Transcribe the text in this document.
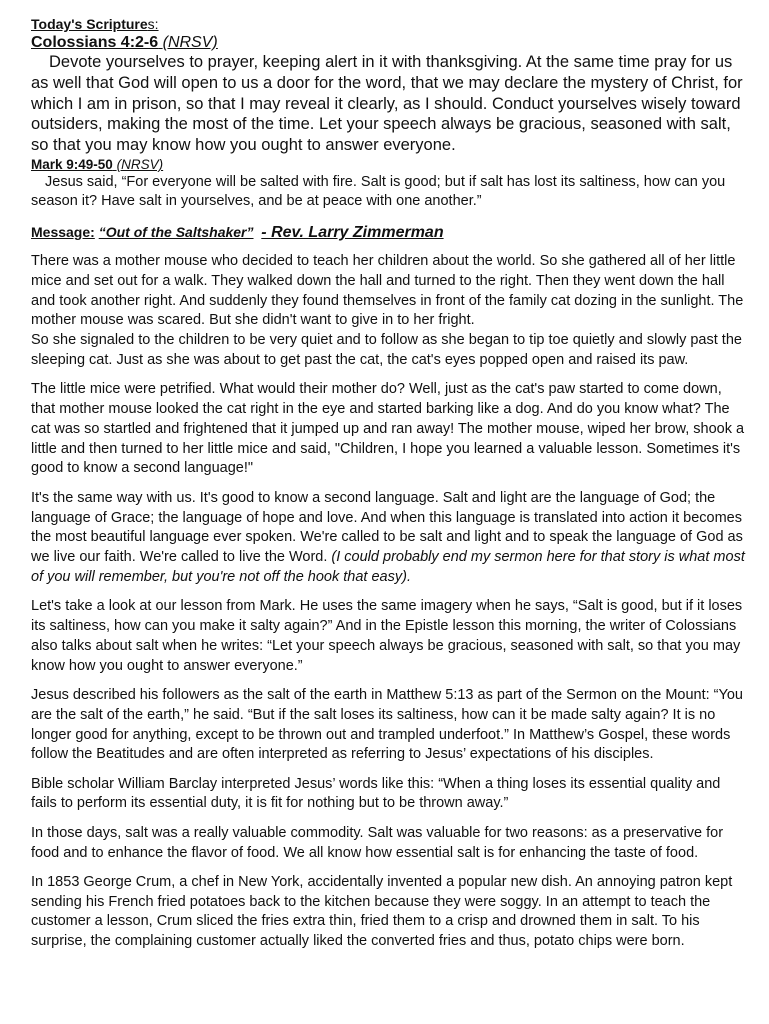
Today's Scriptures:
Colossians 4:2-6 (NRSV)

Devote yourselves to prayer, keeping alert in it with thanksgiving. At the same time pray for us as well that God will open to us a door for the word, that we may declare the mystery of Christ, for which I am in prison, so that I may reveal it clearly, as I should. Conduct yourselves wisely toward outsiders, making the most of the time. Let your speech always be gracious, seasoned with salt, so that you may know how you ought to answer everyone.

Mark 9:49-50 (NRSV)

Jesus said, “For everyone will be salted with fire. Salt is good; but if salt has lost its saltiness, how can you season it? Have salt in yourselves, and be at peace with one another.”

Message: “Out of the Saltshaker” - Rev. Larry Zimmerman

There was a mother mouse who decided to teach her children about the world. So she gathered all of her little mice and set out for a walk. They walked down the hall and turned to the right. Then they went down the hall and took another right. And suddenly they found themselves in front of the family cat dozing in the sunlight. The mother mouse was scared. But she didn't want to give in to her fright.
So she signaled to the children to be very quiet and to follow as she began to tip toe quietly and slowly past the sleeping cat. Just as she was about to get past the cat, the cat's eyes popped open and raised its paw.

The little mice were petrified. What would their mother do? Well, just as the cat's paw started to come down, that mother mouse looked the cat right in the eye and started barking like a dog. And do you know what? The cat was so startled and frightened that it jumped up and ran away! The mother mouse, wiped her brow, shook a little and then turned to her little mice and said, "Children, I hope you learned a valuable lesson. Sometimes it's good to know a second language!"

It's the same way with us. It's good to know a second language. Salt and light are the language of God; the language of Grace; the language of hope and love. And when this language is translated into action it becomes the most beautiful language ever spoken. We're called to be salt and light and to speak the language of God as we live our faith. We're called to live the Word. (I could probably end my sermon here for that story is what most of you will remember, but you're not off the hook that easy).

Let's take a look at our lesson from Mark. He uses the same imagery when he says, “Salt is good, but if it loses its saltiness, how can you make it salty again?” And in the Epistle lesson this morning, the writer of Colossians also talks about salt when he writes: “Let your speech always be gracious, seasoned with salt, so that you may know how you ought to answer everyone.”

Jesus described his followers as the salt of the earth in Matthew 5:13 as part of the Sermon on the Mount: “You are the salt of the earth,” he said. “But if the salt loses its saltiness, how can it be made salty again? It is no longer good for anything, except to be thrown out and trampled underfoot.” In Matthew’s Gospel, these words follow the Beatitudes and are often interpreted as referring to Jesus’ expectations of his disciples.

Bible scholar William Barclay interpreted Jesus’ words like this: “When a thing loses its essential quality and fails to perform its essential duty, it is fit for nothing but to be thrown away.”

In those days, salt was a really valuable commodity. Salt was valuable for two reasons: as a preservative for food and to enhance the flavor of food. We all know how essential salt is for enhancing the taste of food.

In 1853 George Crum, a chef in New York, accidentally invented a popular new dish. An annoying patron kept sending his French fried potatoes back to the kitchen because they were soggy. In an attempt to teach the customer a lesson, Crum sliced the fries extra thin, fried them to a crisp and drowned them in salt. To his surprise, the complaining customer actually liked the converted fries and thus, potato chips were born.
